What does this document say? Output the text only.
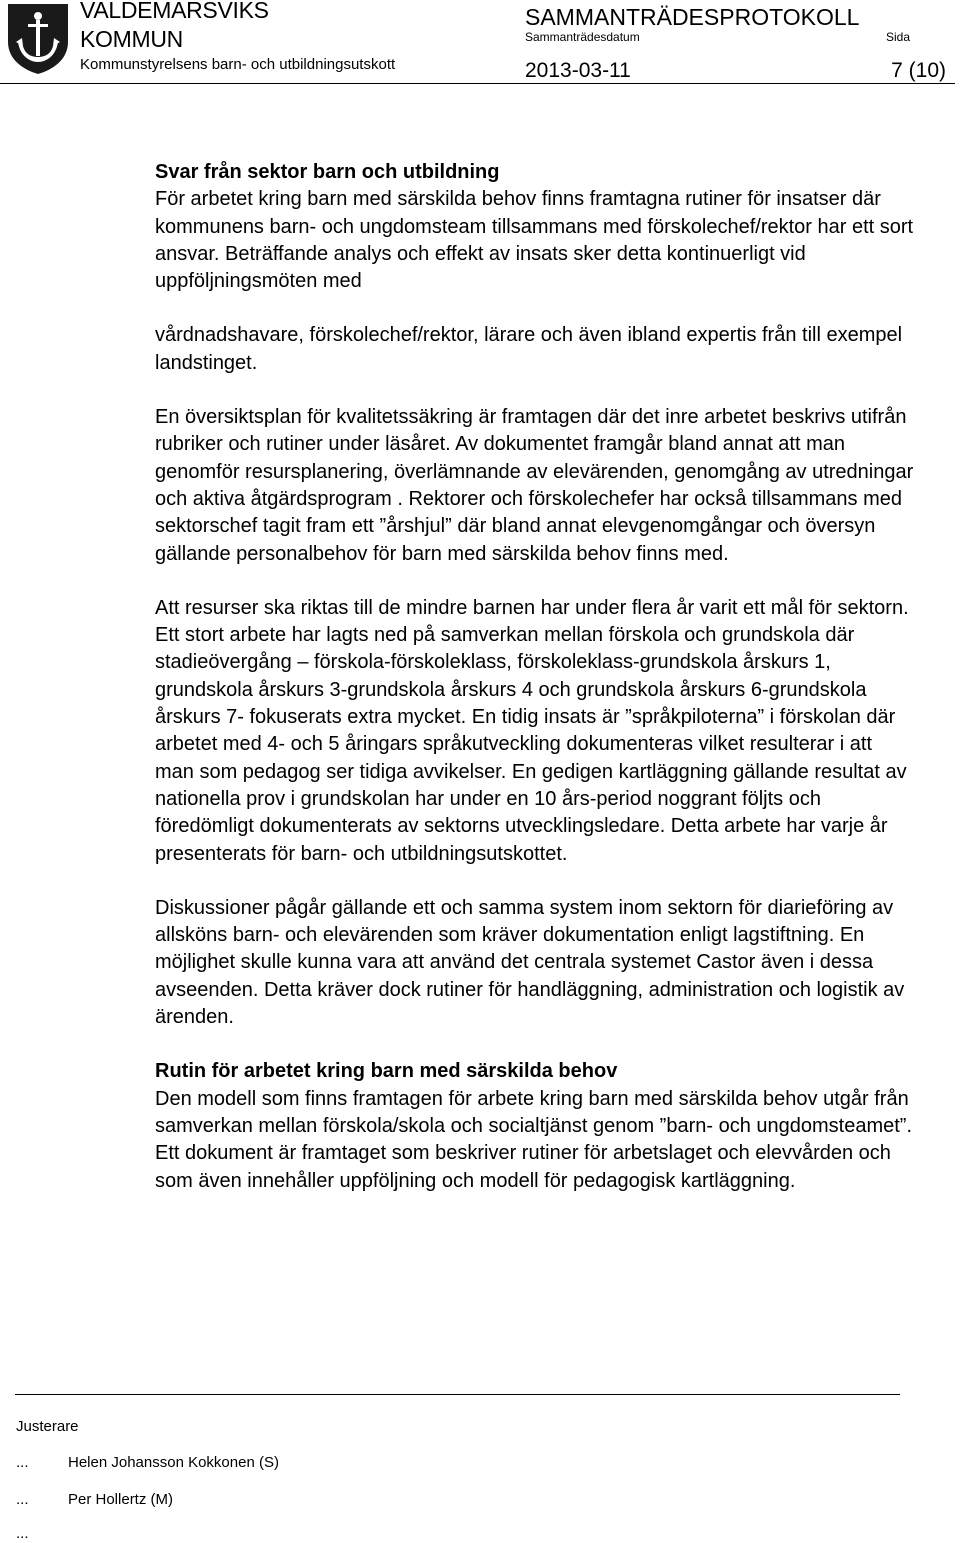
VALDEMARSVIKS
KOMMUN
Kommunstyrelsens barn- och utbildningsutskott
SAMMANTRÄDESPROTOKOLL
Sammanträdesdatum	Sida
2013-03-11	7 (10)
Svar från sektor barn och utbildning

För arbetet kring barn med särskilda behov finns framtagna rutiner för insatser där kommunens barn- och ungdomsteam tillsammans med förskolechef/rektor har ett sort ansvar. Beträffande analys och effekt av insats sker detta kontinuerligt vid uppföljningsmöten med

vårdnadshavare, förskolechef/rektor, lärare och även ibland expertis från till exempel landstinget.

En översiktsplan för kvalitetssäkring är framtagen där det inre arbetet beskrivs utifrån rubriker och rutiner under läsåret. Av dokumentet framgår bland annat att man genomför resursplanering, överlämnande av elevärenden, genomgång av utredningar och aktiva åtgärdsprogram . Rektorer och förskolechefer har också tillsammans med sektorschef tagit fram ett ”årshjul” där bland annat elevgenomgångar och översyn gällande personalbehov för barn med särskilda behov finns med.

Att resurser ska riktas till de mindre barnen har under flera år varit ett mål för sektorn. Ett stort arbete har lagts ned på samverkan mellan förskola och grundskola där stadieövergång – förskola-förskoleklass, förskoleklass-grundskola årskurs 1, grundskola årskurs 3-grundskola årskurs 4 och grundskola årskurs 6-grundskola årskurs 7- fokuserats extra mycket. En tidig insats är ”språkpiloterna” i förskolan där arbetet med 4- och 5 åringars språkutveckling dokumenteras vilket resulterar i att man som pedagog ser tidiga avvikelser. En gedigen kartläggning gällande resultat av nationella prov i grundskolan har under en 10 års-period noggrant följts och föredömligt dokumenterats av sektorns utvecklingsledare. Detta arbete har varje år presenterats för barn- och utbildningsutskottet.

Diskussioner pågår gällande ett och samma system inom sektorn för diarieföring av allsköns barn- och elevärenden som kräver dokumentation enligt lagstiftning. En möjlighet skulle kunna vara att använd det centrala systemet Castor även i dessa avseenden. Detta kräver dock rutiner för handläggning, administration och logistik av ärenden.

Rutin för arbetet kring barn med särskilda behov

Den modell som finns framtagen för arbete kring barn med särskilda behov utgår från samverkan mellan förskola/skola och socialtjänst genom ”barn- och ungdomsteamet”. Ett dokument är framtaget som beskriver rutiner för arbetslaget och elevvården och som även innehåller uppföljning och modell för pedagogisk kartläggning.

Justerare
...	Helen Johansson Kokkonen (S)
...	Per Hollertz (M)
...
